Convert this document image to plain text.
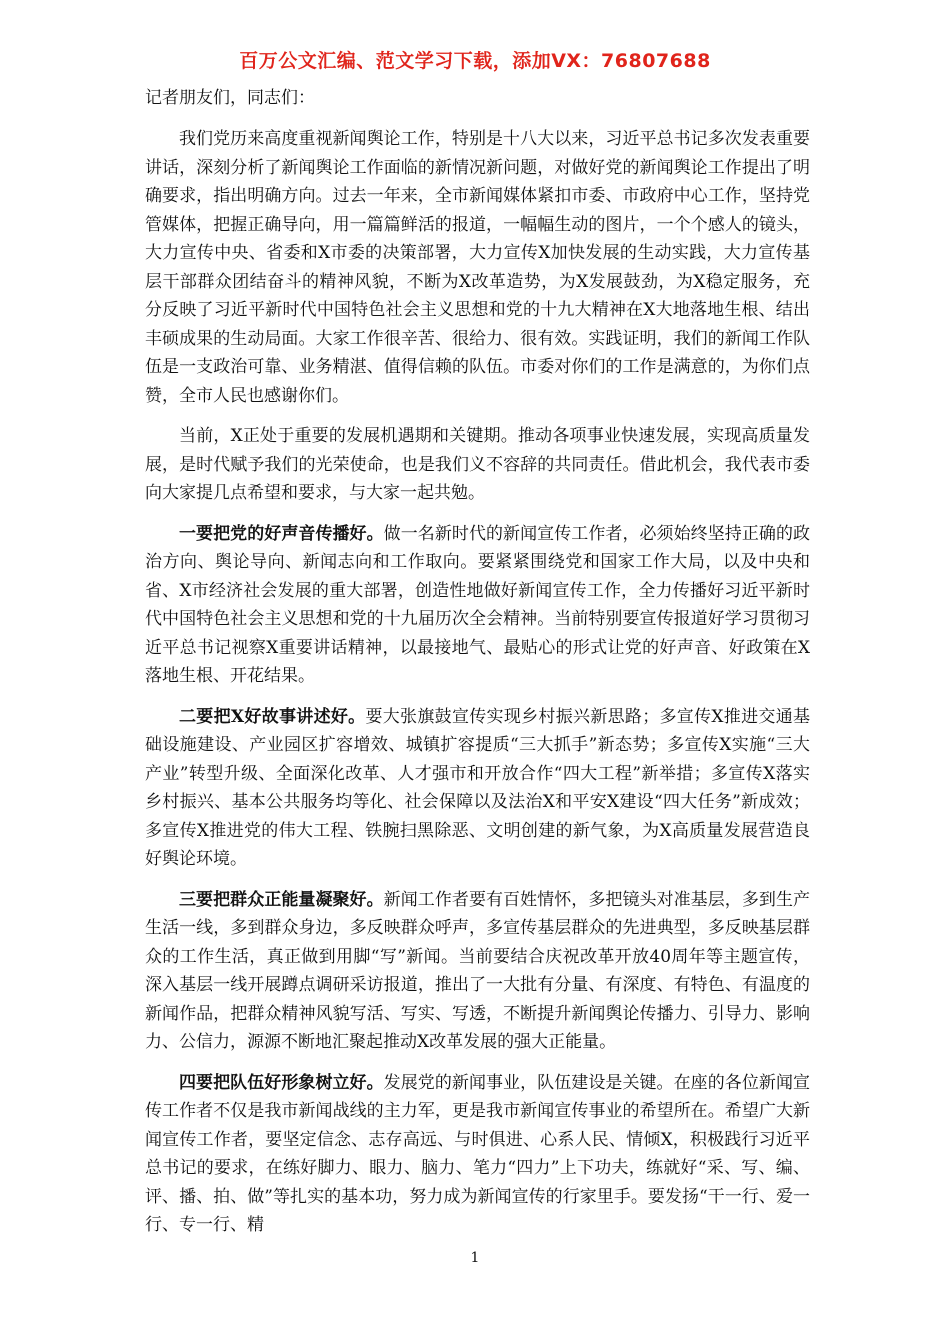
百万公文汇编、范文学习下载，添加VX：76807688

记者朋友们，同志们：

我们党历来高度重视新闻舆论工作，特别是十八大以来，习近平总书记多次发表重要讲话，深刻分析了新闻舆论工作面临的新情况新问题，对做好党的新闻舆论工作提出了明确要求，指出明确方向。过去一年来，全市新闻媒体紧扣市委、市政府中心工作，坚持党管媒体，把握正确导向，用一篇篇鲜活的报道，一幅幅生动的图片，一个个感人的镜头，大力宣传中央、省委和X市委的决策部署，大力宣传X加快发展的生动实践，大力宣传基层干部群众团结奋斗的精神风貌，不断为X改革造势，为X发展鼓劲，为X稳定服务，充分反映了习近平新时代中国特色社会主义思想和党的十九大精神在X大地落地生根、结出丰硕成果的生动局面。大家工作很辛苦、很给力、很有效。实践证明，我们的新闻工作队伍是一支政治可靠、业务精湛、值得信赖的队伍。市委对你们的工作是满意的，为你们点赞，全市人民也感谢你们。

当前，X正处于重要的发展机遇期和关键期。推动各项事业快速发展，实现高质量发展，是时代赋予我们的光荣使命，也是我们义不容辞的共同责任。借此机会，我代表市委向大家提几点希望和要求，与大家一起共勉。

一要把党的好声音传播好。做一名新时代的新闻宣传工作者，必须始终坚持正确的政治方向、舆论导向、新闻志向和工作取向。要紧紧围绕党和国家工作大局，以及中央和省、X市经济社会发展的重大部署，创造性地做好新闻宣传工作，全力传播好习近平新时代中国特色社会主义思想和党的十九届历次全会精神。当前特别要宣传报道好学习贯彻习近平总书记视察X重要讲话精神，以最接地气、最贴心的形式让党的好声音、好政策在X落地生根、开花结果。

二要把X好故事讲述好。要大张旗鼓宣传实现乡村振兴新思路；多宣传X推进交通基础设施建设、产业园区扩容增效、城镇扩容提质“三大抓手”新态势；多宣传X实施“三大产业”转型升级、全面深化改革、人才强市和开放合作“四大工程”新举措；多宣传X落实乡村振兴、基本公共服务均等化、社会保障以及法治X和平安X建设“四大任务”新成效；多宣传X推进党的伟大工程、铁腕扫黑除恶、文明创建的新气象，为X高质量发展营造良好舆论环境。

三要把群众正能量凝聚好。新闻工作者要有百姓情怀，多把镜头对准基层，多到生产生活一线，多到群众身边，多反映群众呼声，多宣传基层群众的先进典型，多反映基层群众的工作生活，真正做到用脚“写”新闻。当前要结合庆祝改革开放40周年等主题宣传，深入基层一线开展蹲点调研采访报道，推出了一大批有分量、有深度、有特色、有温度的新闻作品，把群众精神风貌写活、写实、写透，不断提升新闻舆论传播力、引导力、影响力、公信力，源源不断地汇聚起推动X改革发展的强大正能量。

四要把队伍好形象树立好。发展党的新闻事业，队伍建设是关键。在座的各位新闻宣传工作者不仅是我市新闻战线的主力军，更是我市新闻宣传事业的希望所在。希望广大新闻宣传工作者，要坚定信念、志存高远、与时俱进、心系人民、情倾X，积极践行习近平总书记的要求，在练好脚力、眼力、脑力、笔力“四力”上下功夫，练就好“采、写、编、评、播、拍、做”等扎实的基本功，努力成为新闻宣传的行家里手。要发扬“干一行、爱一行、专一行、精

1
